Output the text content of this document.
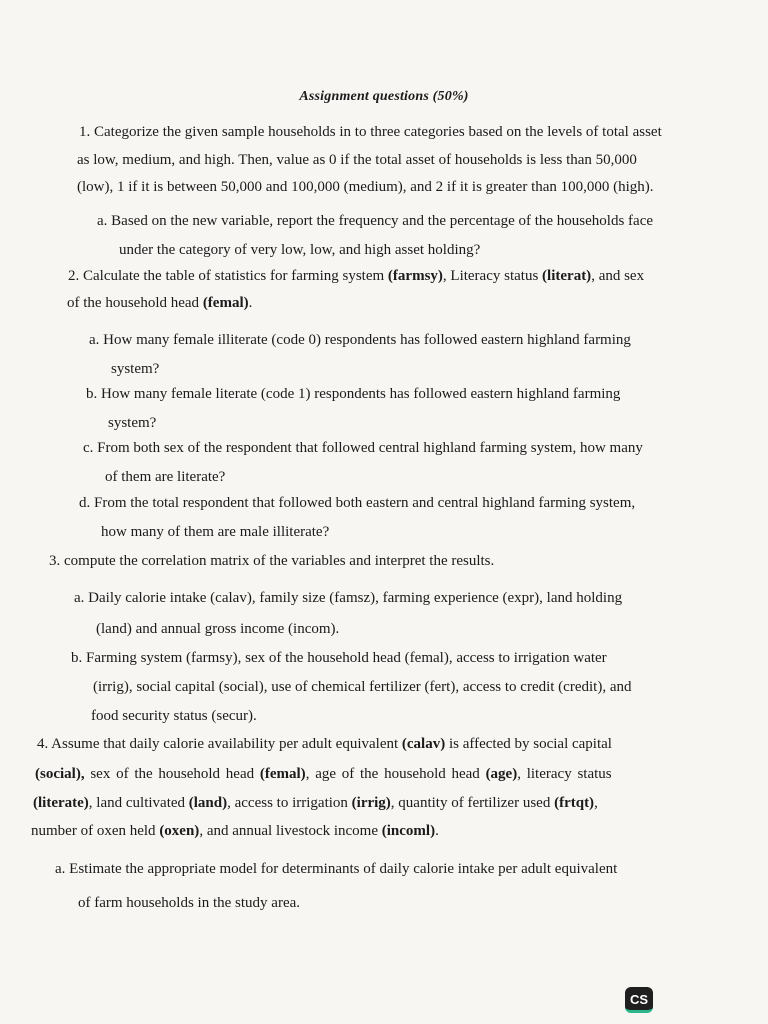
Assignment questions (50%)
1. Categorize the given sample households in to three categories based on the levels of total asset
as low, medium, and high. Then, value as 0 if the total asset of households is less than 50,000
(low), 1 if it is between 50,000 and 100,000 (medium), and 2 if it is greater than 100,000 (high).
a. Based on the new variable, report the frequency and the percentage of the households face
under the category of very low, low, and high asset holding?
2. Calculate the table of statistics for farming system (farmsy), Literacy status (literat), and sex
of the household head (femal).
a. How many female illiterate (code 0) respondents has followed eastern highland farming
system?
b. How many female literate (code 1) respondents has followed eastern highland farming
system?
c. From both sex of the respondent that followed central highland farming system, how many
of them are literate?
d. From the total respondent that followed both eastern and central highland farming system,
how many of them are male illiterate?
3. compute the correlation matrix of the variables and interpret the results.
a. Daily calorie intake (calav), family size (famsz), farming experience (expr), land holding
(land) and annual gross income (incom).
b. Farming system (farmsy), sex of the household head (femal), access to irrigation water
(irrig), social capital (social), use of chemical fertilizer (fert), access to credit (credit), and
food security status (secur).
4. Assume that daily calorie availability per adult equivalent (calav) is affected by social capital
(social), sex of the household head (femal), age of the household head (age), literacy status
(literate), land cultivated (land), access to irrigation (irrig), quantity of fertilizer used (frtqt),
number of oxen held (oxen), and annual livestock income (incoml).
a. Estimate the appropriate model for determinants of daily calorie intake per adult equivalent
of farm households in the study area.
CS
